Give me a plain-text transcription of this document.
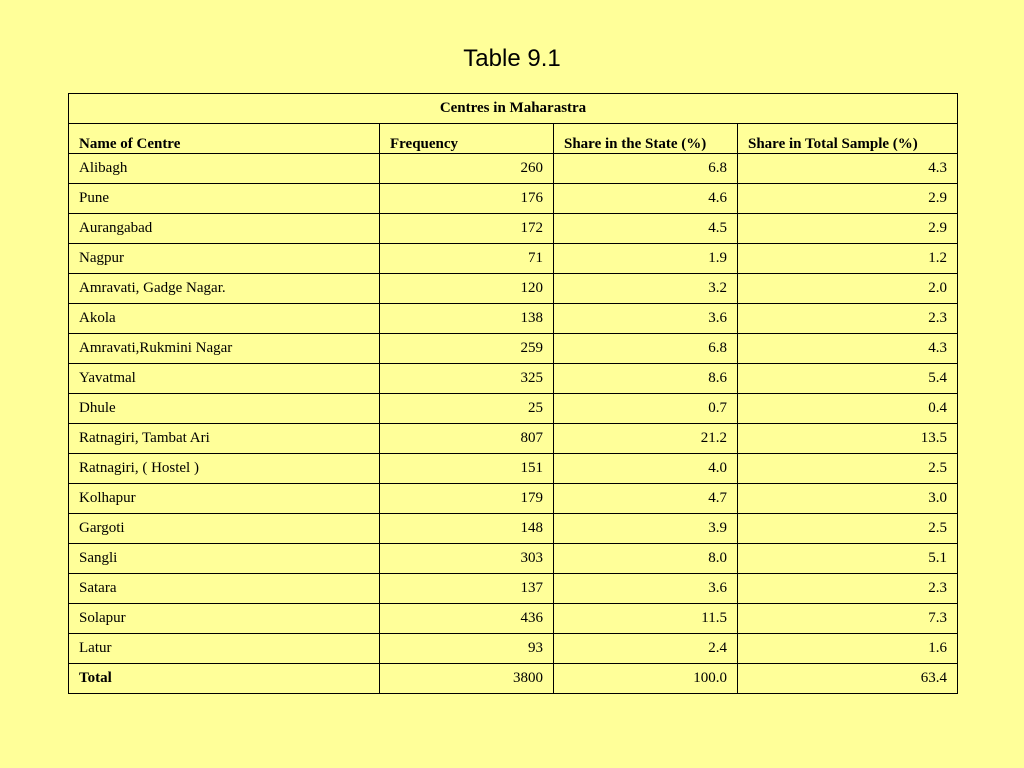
Table 9.1
Centres in Maharastra			
Name of Centre	Frequency	Share in the State (%)	Share in Total Sample (%)
Alibagh	260	6.8	4.3
Pune	176	4.6	2.9
Aurangabad	172	4.5	2.9
Nagpur	71	1.9	1.2
Amravati, Gadge Nagar.	120	3.2	2.0
Akola	138	3.6	2.3
Amravati,Rukmini Nagar	259	6.8	4.3
Yavatmal	325	8.6	5.4
Dhule	25	0.7	0.4
Ratnagiri, Tambat Ari	807	21.2	13.5
Ratnagiri, ( Hostel )	151	4.0	2.5
Kolhapur	179	4.7	3.0
Gargoti	148	3.9	2.5
Sangli	303	8.0	5.1
Satara	137	3.6	2.3
Solapur	436	11.5	7.3
Latur	93	2.4	1.6
Total	3800	100.0	63.4
